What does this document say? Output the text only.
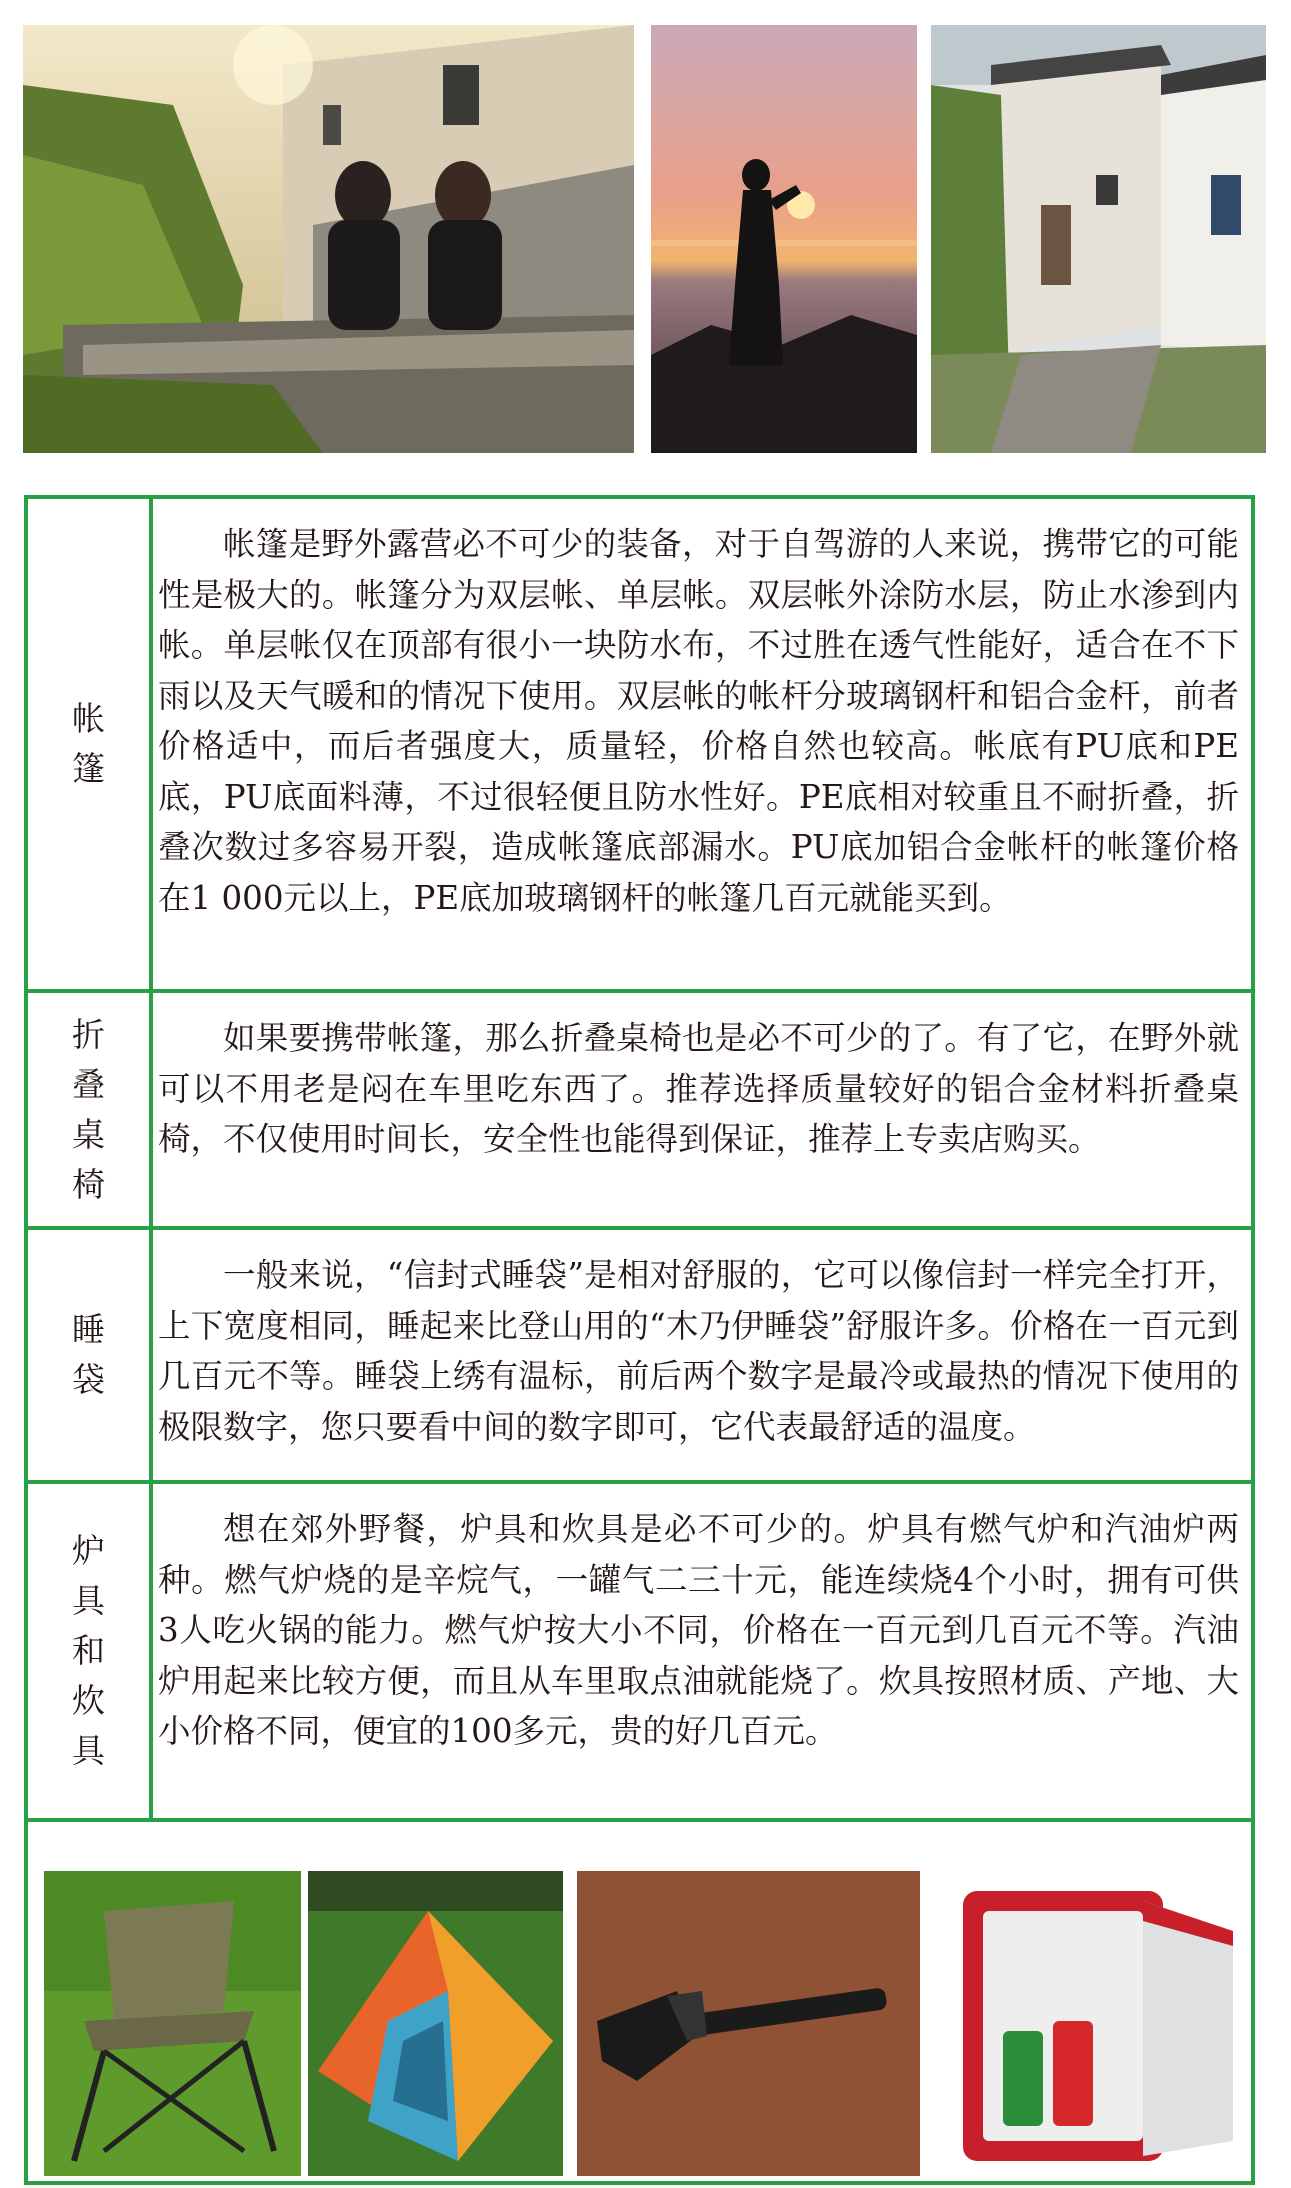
帐篷

帐篷是野外露营必不可少的装备，对于自驾游的人来说，携带它的可能性是极大的。帐篷分为双层帐、单层帐。双层帐外涂防水层，防止水渗到内帐。单层帐仅在顶部有很小一块防水布，不过胜在透气性能好，适合在不下雨以及天气暖和的情况下使用。双层帐的帐杆分玻璃钢杆和铝合金杆，前者价格适中，而后者强度大，质量轻，价格自然也较高。帐底有PU底和PE底，PU底面料薄，不过很轻便且防水性好。PE底相对较重且不耐折叠，折叠次数过多容易开裂，造成帐篷底部漏水。PU底加铝合金帐杆的帐篷价格在1 000元以上，PE底加玻璃钢杆的帐篷几百元就能买到。

折叠桌椅

如果要携带帐篷，那么折叠桌椅也是必不可少的了。有了它，在野外就可以不用老是闷在车里吃东西了。推荐选择质量较好的铝合金材料折叠桌椅，不仅使用时间长，安全性也能得到保证，推荐上专卖店购买。

睡袋

一般来说，“信封式睡袋”是相对舒服的，它可以像信封一样完全打开，上下宽度相同，睡起来比登山用的“木乃伊睡袋”舒服许多。价格在一百元到几百元不等。睡袋上绣有温标，前后两个数字是最冷或最热的情况下使用的极限数字，您只要看中间的数字即可，它代表最舒适的温度。

炉具和炊具

想在郊外野餐，炉具和炊具是必不可少的。炉具有燃气炉和汽油炉两种。燃气炉烧的是辛烷气，一罐气二三十元，能连续烧4个小时，拥有可供3人吃火锅的能力。燃气炉按大小不同，价格在一百元到几百元不等。汽油炉用起来比较方便，而且从车里取点油就能烧了。炊具按照材质、产地、大小价格不同，便宜的100多元，贵的好几百元。
